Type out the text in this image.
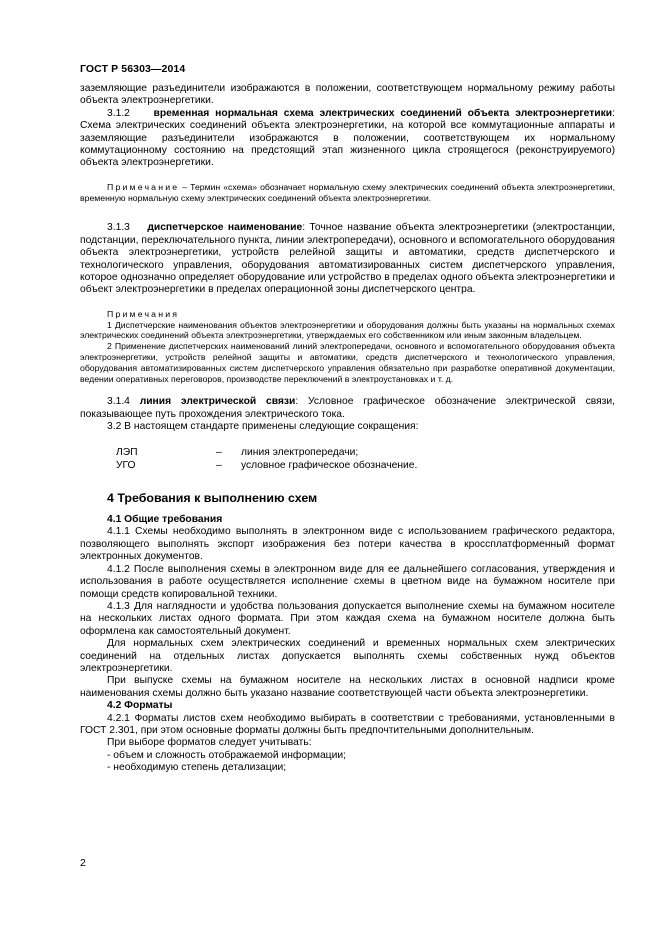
ГОСТ Р 56303—2014

заземляющие разъединители изображаются в положении, соответствующем нормальному режиму работы объекта электроэнергетики.

3.1.2 временная нормальная схема электрических соединений объекта электроэнергетики: Схема электрических соединений объекта электроэнергетики, на которой все коммутационные аппараты и заземляющие разъединители изображаются в положении, соответствующем их нормальному коммутационному состоянию на предстоящий этап жизненного цикла строящегося (реконструируемого) объекта электроэнергетики.

Примечание – Термин «схема» обозначает нормальную схему электрических соединений объекта электроэнергетики, временную нормальную схему электрических соединений объекта электроэнергетики.

3.1.3 диспетчерское наименование: Точное название объекта электроэнергетики (электростанции, подстанции, переключательного пункта, линии электропередачи), основного и вспомогательного оборудования объекта электроэнергетики, устройств релейной защиты и автоматики, средств диспетчерского и технологического управления, оборудования автоматизированных систем диспетчерского управления, которое однозначно определяет оборудование или устройство в пределах одного объекта электроэнергетики и объект электроэнергетики в пределах операционной зоны диспетчерского центра.

Примечания

1 Диспетчерские наименования объектов электроэнергетики и оборудования должны быть указаны на нормальных схемах электрических соединений объекта электроэнергетики, утверждаемых его собственником или иным законным владельцем.

2 Применение диспетчерских наименований линий электропередачи, основного и вспомогательного оборудования объекта электроэнергетики, устройств релейной защиты и автоматики, средств диспетчерского и технологического управления, оборудования автоматизированных систем диспетчерского управления обязательно при разработке оперативной документации, ведении оперативных переговоров, производстве переключений в электроустановках и т. д.

3.1.4 линия электрической связи: Условное графическое обозначение электрической связи, показывающее путь прохождения электрического тока.

3.2 В настоящем стандарте применены следующие сокращения:

ЛЭП	–	линия электропередачи;
УГО	–	условное графическое обозначение.

4 Требования к выполнению схем

4.1 Общие требования

4.1.1 Схемы необходимо выполнять в электронном виде с использованием графического редактора, позволяющего выполнять экспорт изображения без потери качества в кроссплатформенный формат электронных документов.

4.1.2 После выполнения схемы в электронном виде для ее дальнейшего согласования, утверждения и использования в работе осуществляется исполнение схемы в цветном виде на бумажном носителе при помощи средств копировальной техники.

4.1.3 Для наглядности и удобства пользования допускается выполнение схемы на бумажном носителе на нескольких листах одного формата. При этом каждая схема на бумажном носителе должна быть оформлена как самостоятельный документ.

Для нормальных схем электрических соединений и временных нормальных схем электрических соединений на отдельных листах допускается выполнять схемы собственных нужд объектов электроэнергетики.

При выпуске схемы на бумажном носителе на нескольких листах в основной надписи кроме наименования схемы должно быть указано название соответствующей части объекта электроэнергетики.

4.2 Форматы

4.2.1 Форматы листов схем необходимо выбирать в соответствии с требованиями, установленными в ГОСТ 2.301, при этом основные форматы должны быть предпочтительными дополнительным.

При выборе форматов следует учитывать:

- объем и сложность отображаемой информации;

- необходимую степень детализации;

2
